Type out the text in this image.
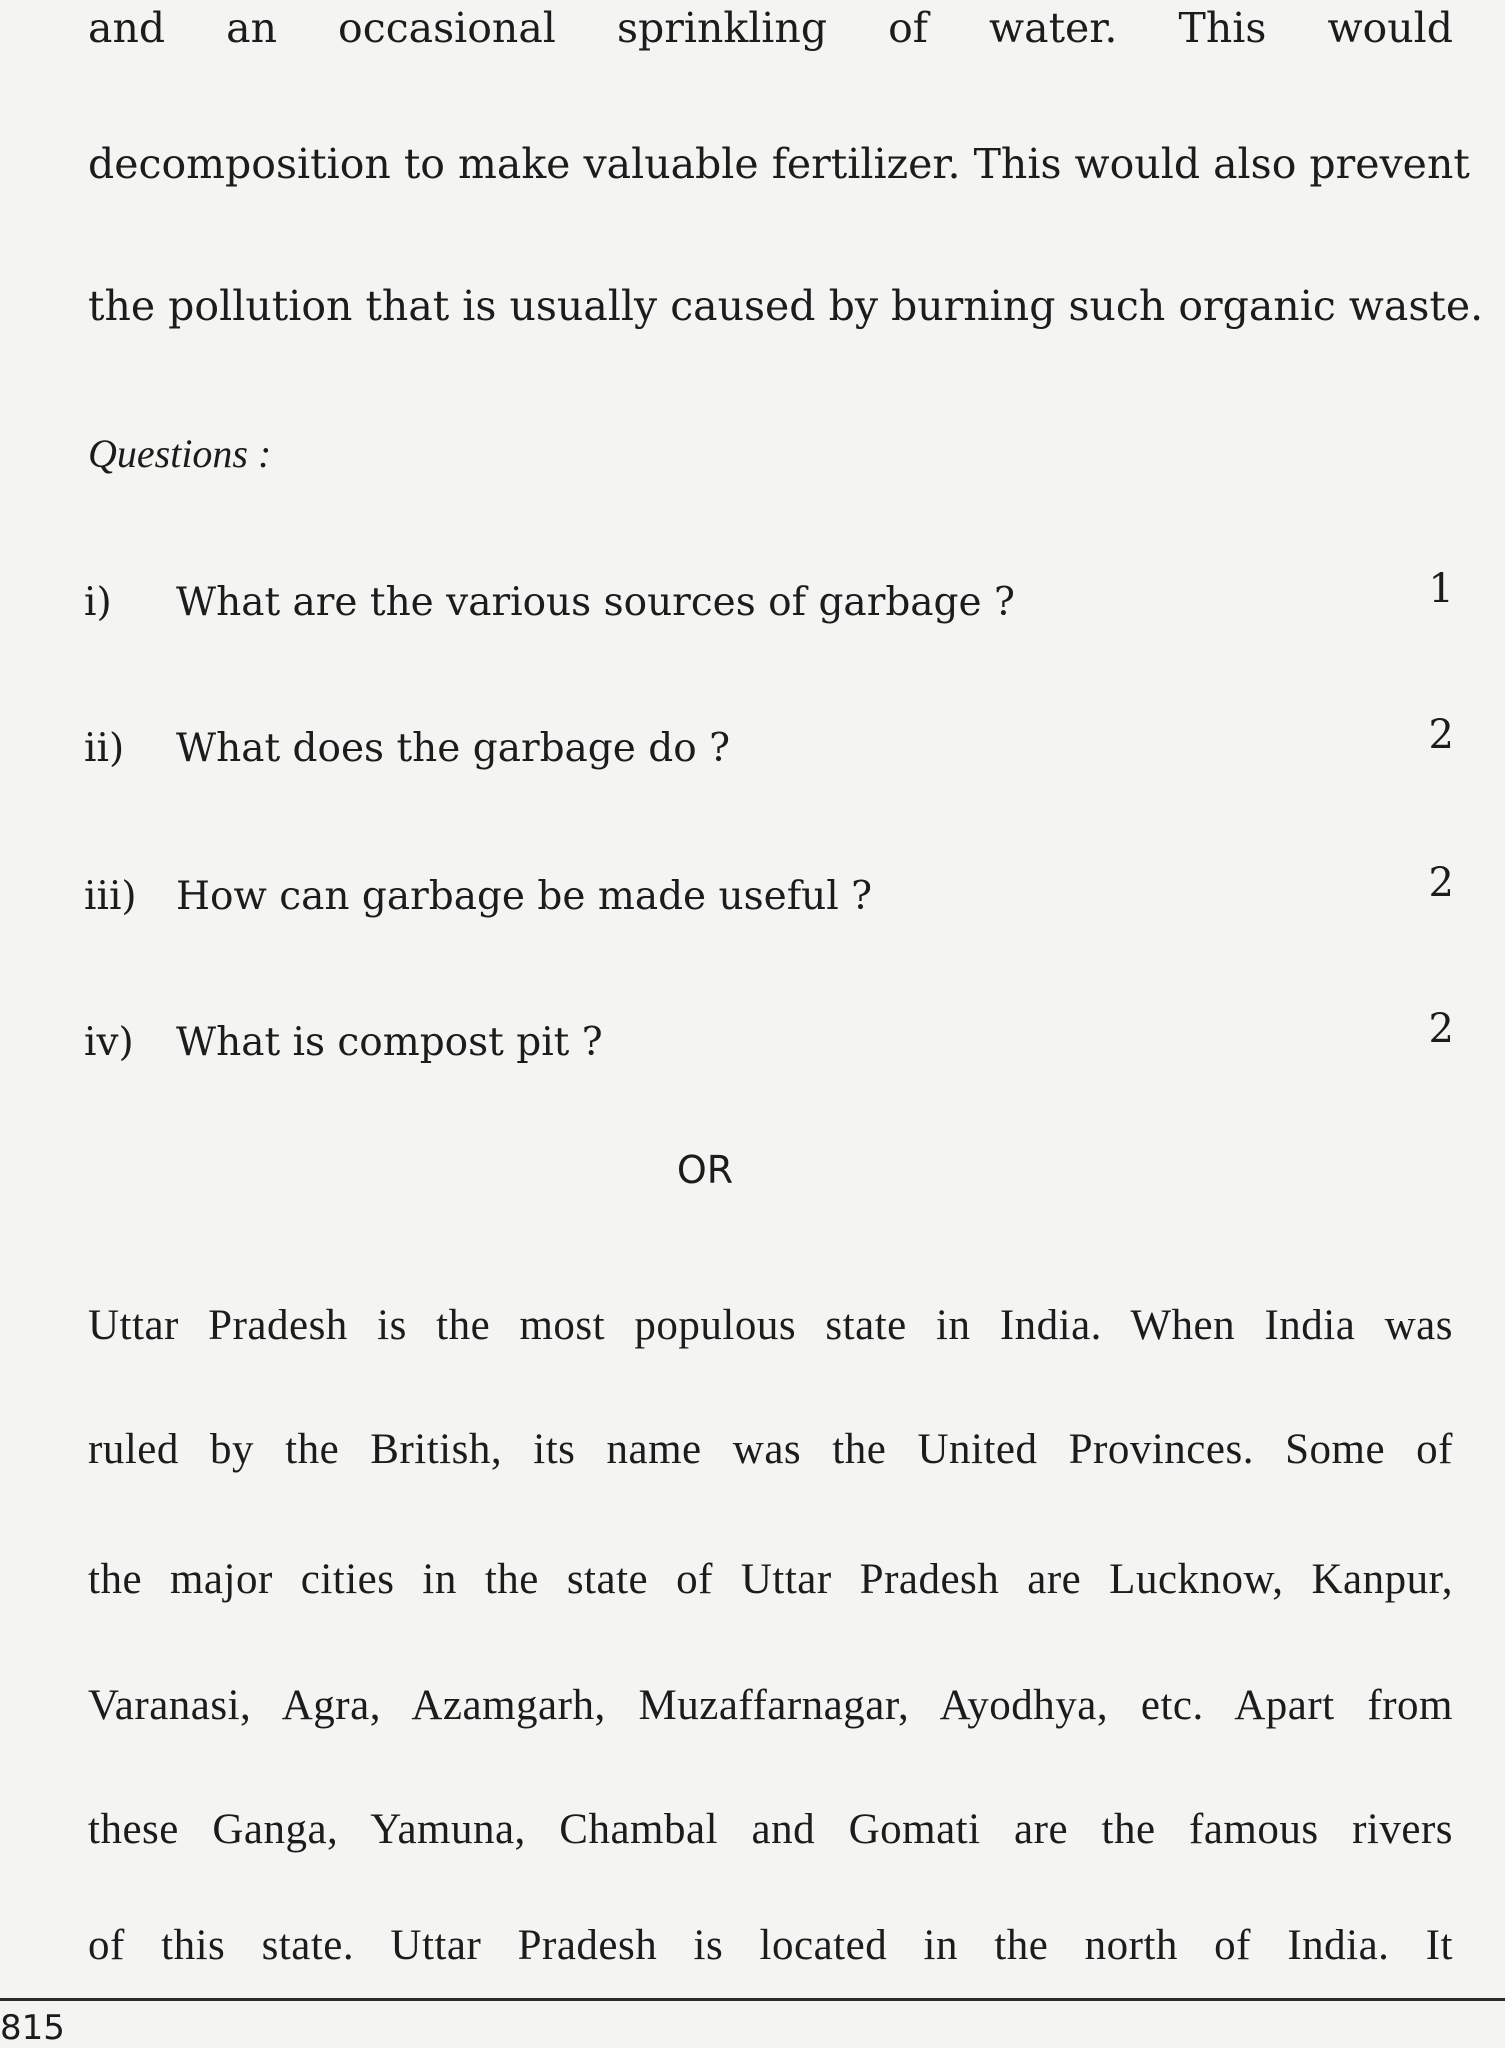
and an occasional sprinkling of water. This would
decomposition to make valuable fertilizer. This would also prevent
the pollution that is usually caused by burning such organic waste.
Questions :
i) What are the various sources of garbage ?	1
ii) What does the garbage do ?	2
iii) How can garbage be made useful ?	2
iv) What is compost pit ?	2
OR
Uttar Pradesh is the most populous state in India. When India was
ruled by the British, its name was the United Provinces. Some of
the major cities in the state of Uttar Pradesh are Lucknow, Kanpur,
Varanasi, Agra, Azamgarh, Muzaffarnagar, Ayodhya, etc. Apart from
these Ganga, Yamuna, Chambal and Gomati are the famous rivers
of this state. Uttar Pradesh is located in the north of India. It
815
